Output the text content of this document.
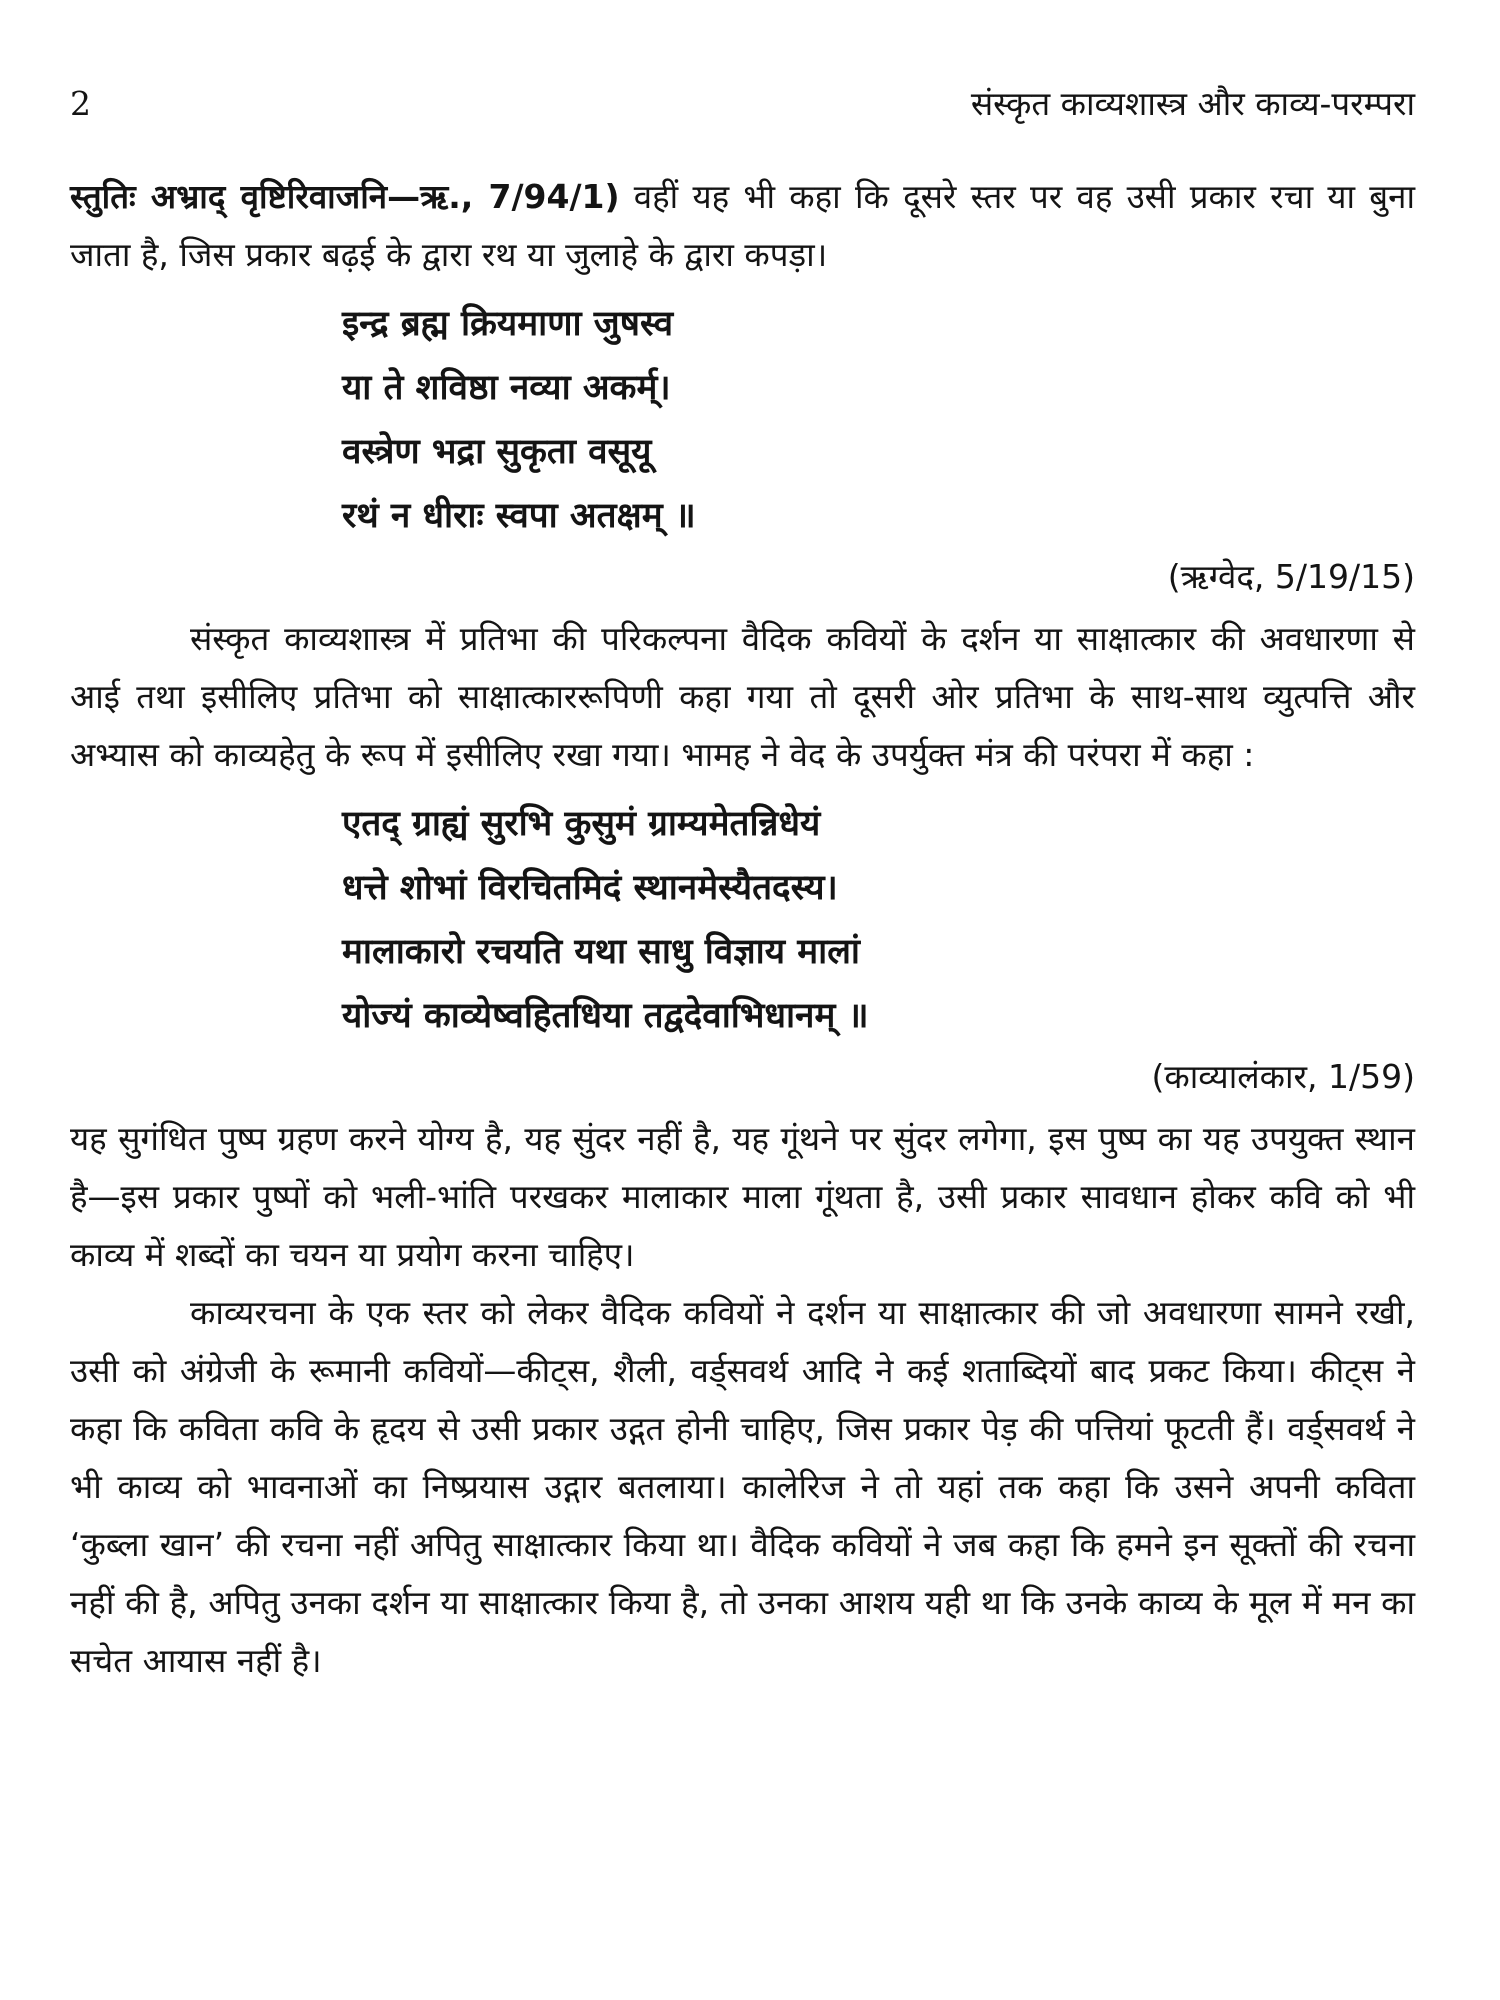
2	संस्कृत काव्यशास्त्र और काव्य-परम्परा

स्तुतिः अभ्राद् वृष्टिरिवाजनि—ऋ., 7/94/1) वहीं यह भी कहा कि दूसरे स्तर पर वह उसी प्रकार रचा या बुना जाता है, जिस प्रकार बढ़ई के द्वारा रथ या जुलाहे के द्वारा कपड़ा।

इन्द्र ब्रह्म क्रियमाणा जुषस्व
या ते शविष्ठा नव्या अकर्म्।
वस्त्रेण भद्रा सुकृता वसूयू
रथं न धीराः स्वपा अतक्षम् ॥

(ऋग्वेद, 5/19/15)

संस्कृत काव्यशास्त्र में प्रतिभा की परिकल्पना वैदिक कवियों के दर्शन या साक्षात्कार की अवधारणा से आई तथा इसीलिए प्रतिभा को साक्षात्काररूपिणी कहा गया तो दूसरी ओर प्रतिभा के साथ-साथ व्युत्पत्ति और अभ्यास को काव्यहेतु के रूप में इसीलिए रखा गया। भामह ने वेद के उपर्युक्त मंत्र की परंपरा में कहा :

एतद् ग्राह्यं सुरभि कुसुमं ग्राम्यमेतन्निधेयं
धत्ते शोभां विरचितमिदं स्थानमेस्यैतदस्य।
मालाकारो रचयति यथा साधु विज्ञाय मालां
योज्यं काव्येष्वहितधिया तद्वदेवाभिधानम् ॥

(काव्यालंकार, 1/59)

यह सुगंधित पुष्प ग्रहण करने योग्य है, यह सुंदर नहीं है, यह गूंथने पर सुंदर लगेगा, इस पुष्प का यह उपयुक्त स्थान है—इस प्रकार पुष्पों को भली-भांति परखकर मालाकार माला गूंथता है, उसी प्रकार सावधान होकर कवि को भी काव्य में शब्दों का चयन या प्रयोग करना चाहिए।

काव्यरचना के एक स्तर को लेकर वैदिक कवियों ने दर्शन या साक्षात्कार की जो अवधारणा सामने रखी, उसी को अंग्रेजी के रूमानी कवियों—कीट्स, शैली, वर्ड्सवर्थ आदि ने कई शताब्दियों बाद प्रकट किया। कीट्स ने कहा कि कविता कवि के हृदय से उसी प्रकार उद्गत होनी चाहिए, जिस प्रकार पेड़ की पत्तियां फूटती हैं। वर्ड्सवर्थ ने भी काव्य को भावनाओं का निष्प्रयास उद्गार बतलाया। कालेरिज ने तो यहां तक कहा कि उसने अपनी कविता ‘कुब्ला खान’ की रचना नहीं अपितु साक्षात्कार किया था। वैदिक कवियों ने जब कहा कि हमने इन सूक्तों की रचना नहीं की है, अपितु उनका दर्शन या साक्षात्कार किया है, तो उनका आशय यही था कि उनके काव्य के मूल में मन का सचेत आयास नहीं है।
